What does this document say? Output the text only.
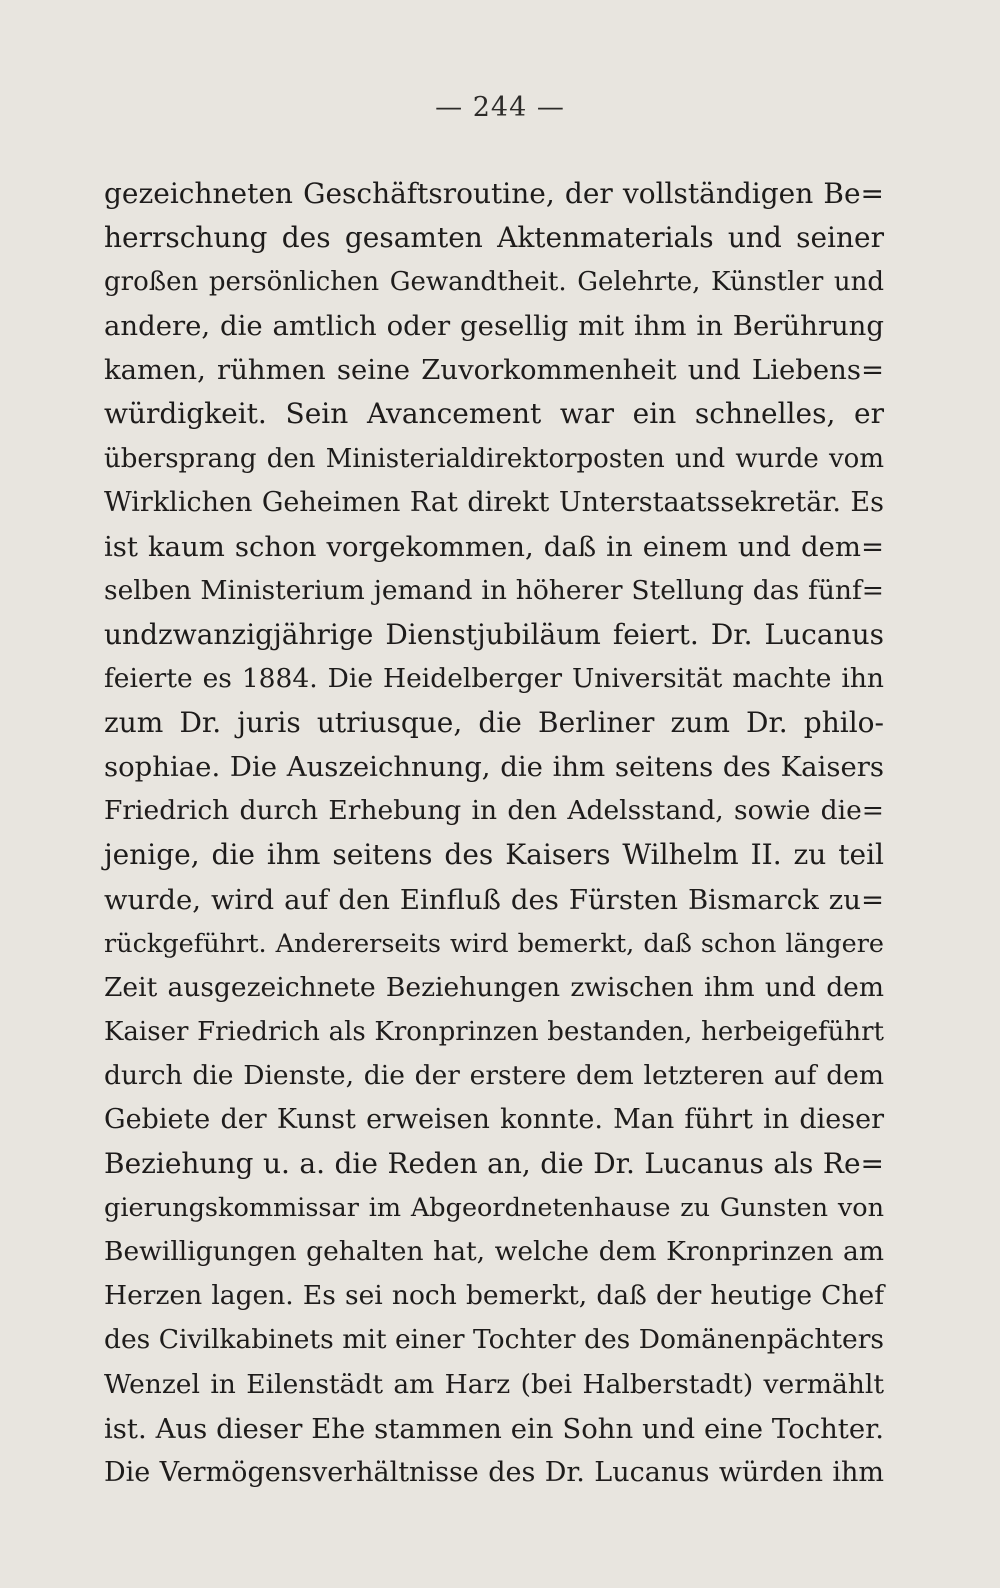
— 244 —
gezeichneten Geschäftsroutine, der vollständigen Be=
herrschung des gesamten Aktenmaterials und seiner
großen persönlichen Gewandtheit. Gelehrte, Künstler und
andere, die amtlich oder gesellig mit ihm in Berührung
kamen, rühmen seine Zuvorkommenheit und Liebens=
würdigkeit. Sein Avancement war ein schnelles, er
übersprang den Ministerialdirektorposten und wurde vom
Wirklichen Geheimen Rat direkt Unterstaatssekretär. Es
ist kaum schon vorgekommen, daß in einem und dem=
selben Ministerium jemand in höherer Stellung das fünf=
undzwanzigjährige Dienstjubiläum feiert. Dr. Lucanus
feierte es 1884. Die Heidelberger Universität machte ihn
zum Dr. juris utriusque, die Berliner zum Dr. philo-
sophiae. Die Auszeichnung, die ihm seitens des Kaisers
Friedrich durch Erhebung in den Adelsstand, sowie die=
jenige, die ihm seitens des Kaisers Wilhelm II. zu teil
wurde, wird auf den Einfluß des Fürsten Bismarck zu=
rückgeführt. Andererseits wird bemerkt, daß schon längere
Zeit ausgezeichnete Beziehungen zwischen ihm und dem
Kaiser Friedrich als Kronprinzen bestanden, herbeigeführt
durch die Dienste, die der erstere dem letzteren auf dem
Gebiete der Kunst erweisen konnte. Man führt in dieser
Beziehung u. a. die Reden an, die Dr. Lucanus als Re=
gierungskommissar im Abgeordnetenhause zu Gunsten von
Bewilligungen gehalten hat, welche dem Kronprinzen am
Herzen lagen. Es sei noch bemerkt, daß der heutige Chef
des Civilkabinets mit einer Tochter des Domänenpächters
Wenzel in Eilenstädt am Harz (bei Halberstadt) vermählt
ist. Aus dieser Ehe stammen ein Sohn und eine Tochter.
Die Vermögensverhältnisse des Dr. Lucanus würden ihm
